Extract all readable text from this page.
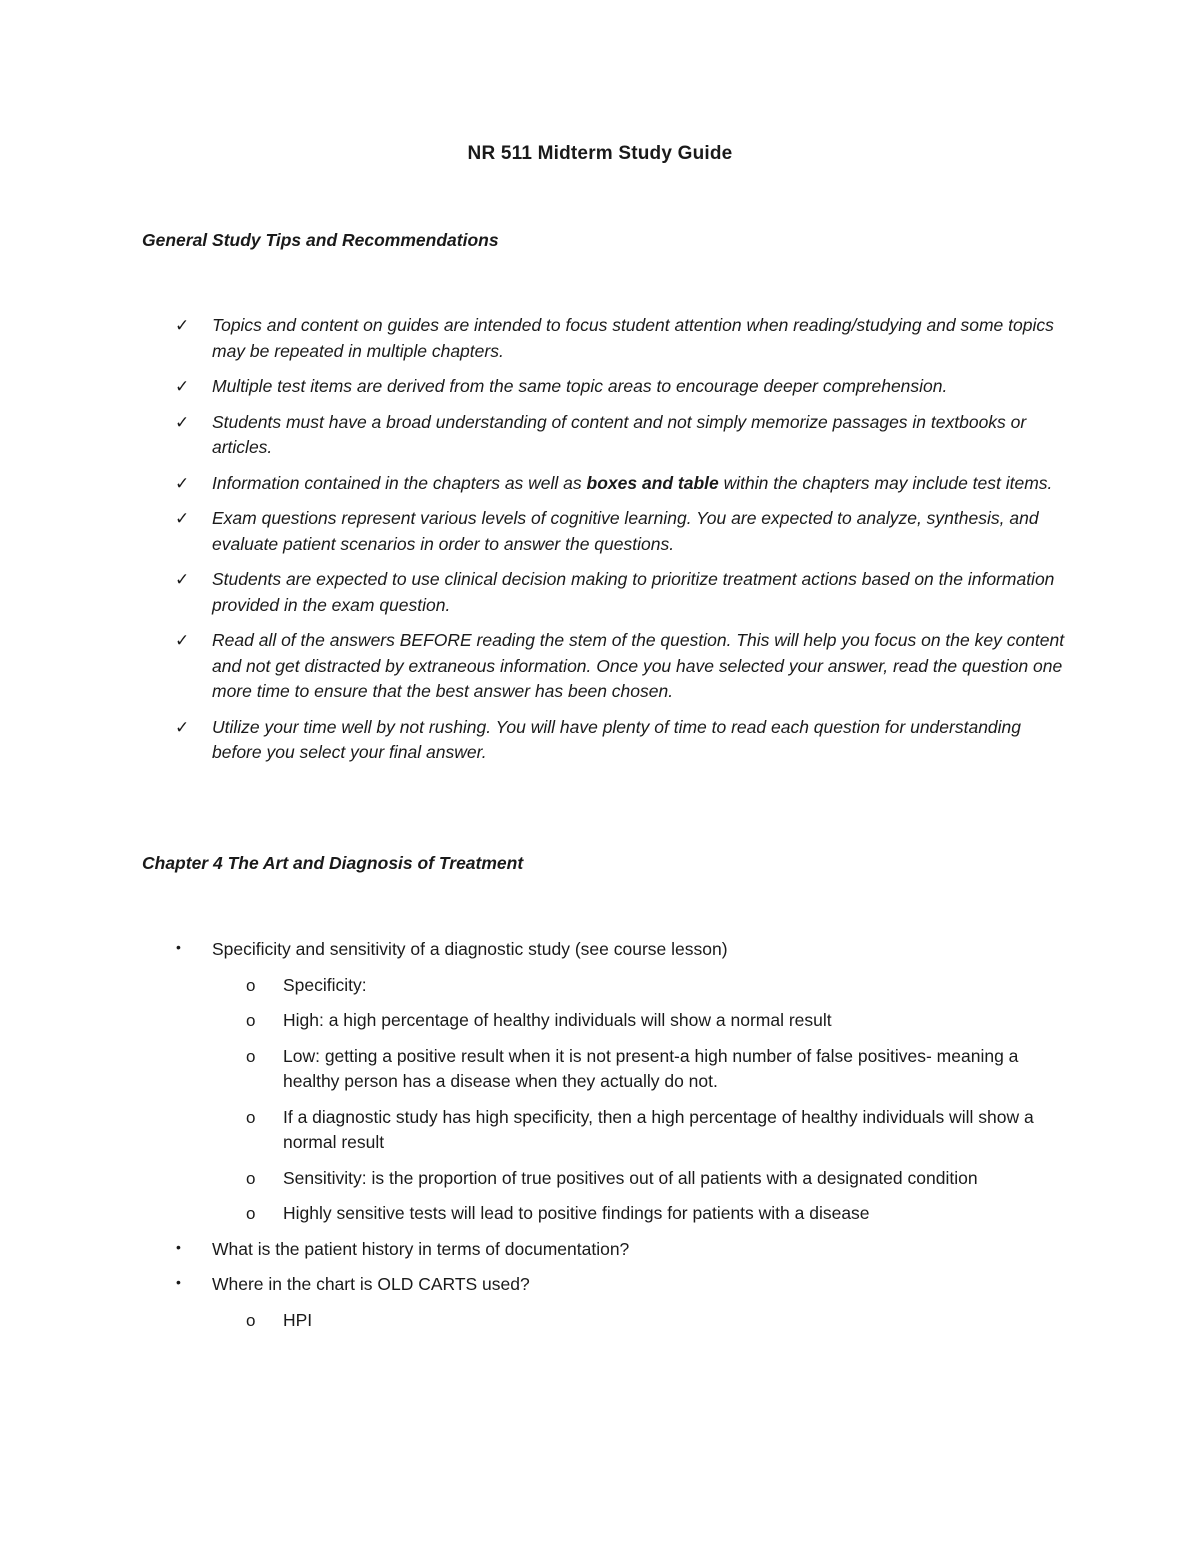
NR 511 Midterm Study Guide
General Study Tips and Recommendations
✓ Topics and content on guides are intended to focus student attention when reading/studying and some topics may be repeated in multiple chapters.
✓ Multiple test items are derived from the same topic areas to encourage deeper comprehension.
✓ Students must have a broad understanding of content and not simply memorize passages in textbooks or articles.
✓ Information contained in the chapters as well as boxes and table within the chapters may include test items.
✓ Exam questions represent various levels of cognitive learning. You are expected to analyze, synthesis, and evaluate patient scenarios in order to answer the questions.
✓ Students are expected to use clinical decision making to prioritize treatment actions based on the information provided in the exam question.
✓ Read all of the answers BEFORE reading the stem of the question. This will help you focus on the key content and not get distracted by extraneous information. Once you have selected your answer, read the question one more time to ensure that the best answer has been chosen.
✓ Utilize your time well by not rushing. You will have plenty of time to read each question for understanding before you select your final answer.
Chapter 4 The Art and Diagnosis of Treatment
• Specificity and sensitivity of a diagnostic study (see course lesson)
o Specificity:
o High: a high percentage of healthy individuals will show a normal result
o Low: getting a positive result when it is not present-a high number of false positives- meaning a healthy person has a disease when they actually do not.
o If a diagnostic study has high specificity, then a high percentage of healthy individuals will show a normal result
o Sensitivity: is the proportion of true positives out of all patients with a designated condition
o Highly sensitive tests will lead to positive findings for patients with a disease
• What is the patient history in terms of documentation?
• Where in the chart is OLD CARTS used?
o HPI
